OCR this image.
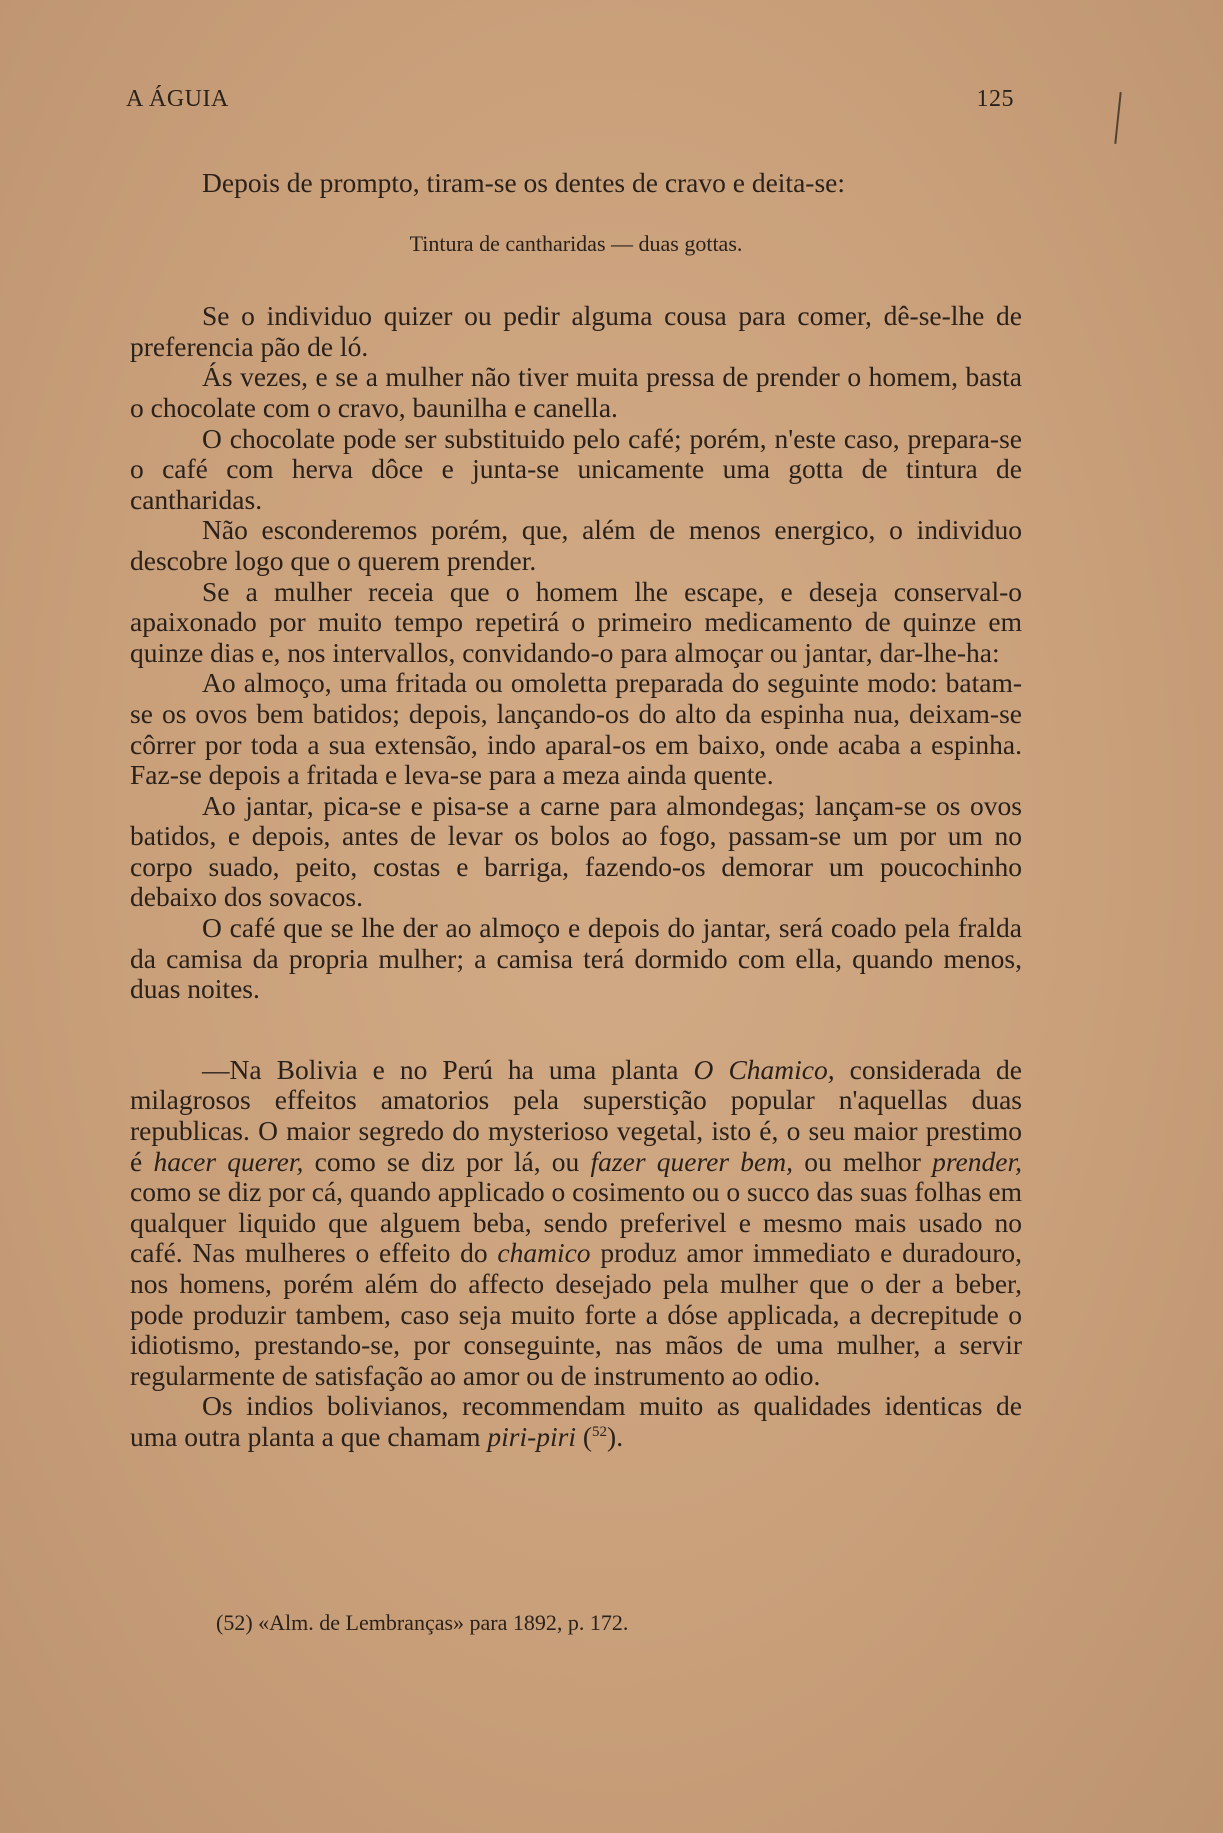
A ÁGUIA	125

Depois de prompto, tiram-se os dentes de cravo e deita-se:

Tintura de cantharidas — duas gottas.

Se o individuo quizer ou pedir alguma cousa para comer, dê-se-lhe de preferencia pão de ló.

Ás vezes, e se a mulher não tiver muita pressa de prender o homem, basta o chocolate com o cravo, baunilha e canella.

O chocolate pode ser substituido pelo café; porém, n'este caso, prepara-se o café com herva dôce e junta-se unicamente uma gotta de tintura de cantharidas.

Não esconderemos porém, que, além de menos energico, o individuo descobre logo que o querem prender.

Se a mulher receia que o homem lhe escape, e deseja conserval-o apaixonado por muito tempo repetirá o primeiro medicamento de quinze em quinze dias e, nos intervallos, convidando-o para almoçar ou jantar, dar-lhe-ha:

Ao almoço, uma fritada ou omoletta preparada do seguinte modo: batam-se os ovos bem batidos; depois, lançando-os do alto da espinha nua, deixam-se côrrer por toda a sua extensão, indo aparal-os em baixo, onde acaba a espinha. Faz-se depois a fritada e leva-se para a meza ainda quente.

Ao jantar, pica-se e pisa-se a carne para almondegas; lançam-se os ovos batidos, e depois, antes de levar os bolos ao fogo, passam-se um por um no corpo suado, peito, costas e barriga, fazendo-os demorar um poucochinho debaixo dos sovacos.

O café que se lhe der ao almoço e depois do jantar, será coado pela fralda da camisa da propria mulher; a camisa terá dormido com ella, quando menos, duas noites.

—Na Bolivia e no Perú ha uma planta O Chamico, considerada de milagrosos effeitos amatorios pela superstição popular n'aquellas duas republicas. O maior segredo do mysterioso vegetal, isto é, o seu maior prestimo é hacer querer, como se diz por lá, ou fazer querer bem, ou melhor prender, como se diz por cá, quando applicado o cosimento ou o succo das suas folhas em qualquer liquido que alguem beba, sendo preferivel e mesmo mais usado no café. Nas mulheres o effeito do chamico produz amor immediato e duradouro, nos homens, porém além do affecto desejado pela mulher que o der a beber, pode produzir tambem, caso seja muito forte a dóse applicada, a decrepitude o idiotismo, prestando-se, por conseguinte, nas mãos de uma mulher, a servir regularmente de satisfação ao amor ou de instrumento ao odio.

Os indios bolivianos, recommendam muito as qualidades identicas de uma outra planta a que chamam piri-piri ($^{52}$).

(52) «Alm. de Lembranças» para 1892, p. 172.
